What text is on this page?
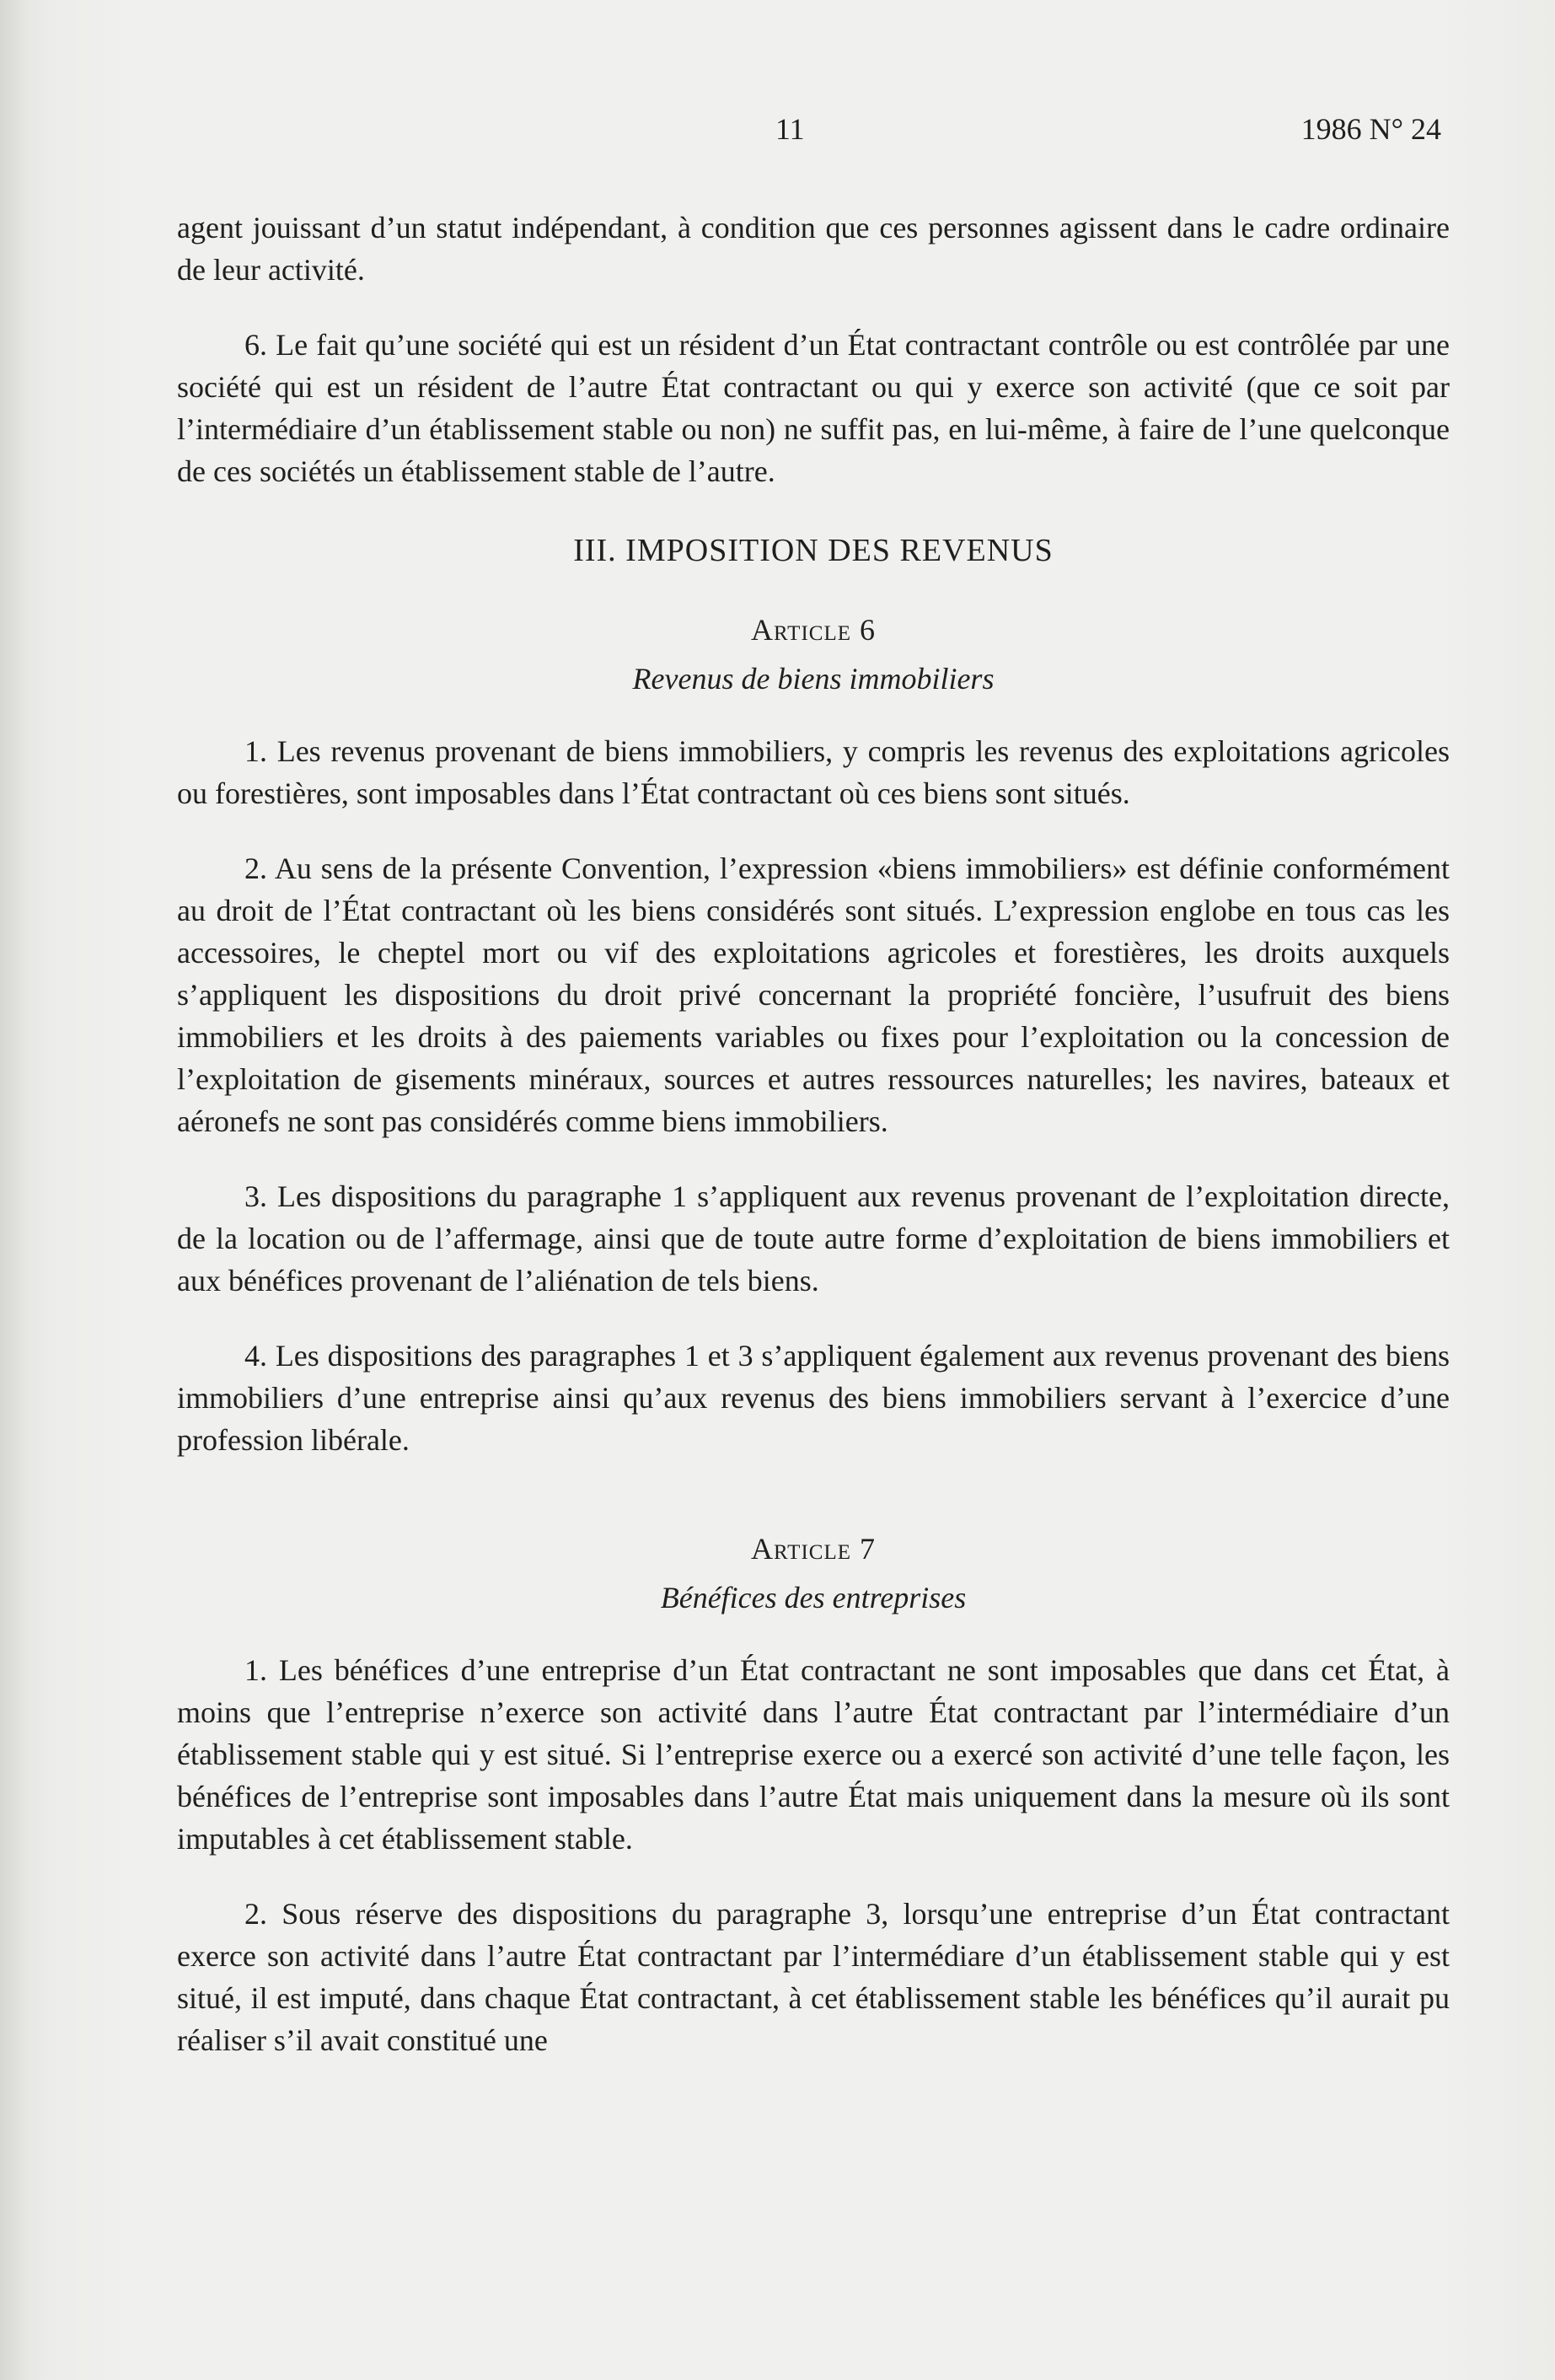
11	1986 N° 24

agent jouissant d’un statut indépendant, à condition que ces personnes agissent dans le cadre ordinaire de leur activité.

6. Le fait qu’une société qui est un résident d’un État contractant contrôle ou est contrôlée par une société qui est un résident de l’autre État contractant ou qui y exerce son activité (que ce soit par l’intermédiaire d’un établissement stable ou non) ne suffit pas, en lui-même, à faire de l’une quelconque de ces sociétés un établissement stable de l’autre.

III. IMPOSITION DES REVENUS
Article 6
Revenus de biens immobiliers

1. Les revenus provenant de biens immobiliers, y compris les revenus des exploitations agricoles ou forestières, sont imposables dans l’État contractant où ces biens sont situés.

2. Au sens de la présente Convention, l’expression «biens immobiliers» est définie conformément au droit de l’État contractant où les biens considérés sont situés. L’expression englobe en tous cas les accessoires, le cheptel mort ou vif des exploitations agricoles et forestières, les droits auxquels s’appliquent les dispositions du droit privé concernant la propriété foncière, l’usufruit des biens immobiliers et les droits à des paiements variables ou fixes pour l’exploitation ou la concession de l’exploitation de gisements minéraux, sources et autres ressources naturelles; les navires, bateaux et aéronefs ne sont pas considérés comme biens immobiliers.

3. Les dispositions du paragraphe 1 s’appliquent aux revenus provenant de l’exploitation directe, de la location ou de l’affermage, ainsi que de toute autre forme d’exploitation de biens immobiliers et aux bénéfices provenant de l’aliénation de tels biens.

4. Les dispositions des paragraphes 1 et 3 s’appliquent également aux revenus provenant des biens immobiliers d’une entreprise ainsi qu’aux revenus des biens immobiliers servant à l’exercice d’une profession libérale.

Article 7
Bénéfices des entreprises

1. Les bénéfices d’une entreprise d’un État contractant ne sont imposables que dans cet État, à moins que l’entreprise n’exerce son activité dans l’autre État contractant par l’intermédiaire d’un établissement stable qui y est situé. Si l’entreprise exerce ou a exercé son activité d’une telle façon, les bénéfices de l’entreprise sont imposables dans l’autre État mais uniquement dans la mesure où ils sont imputables à cet établissement stable.

2. Sous réserve des dispositions du paragraphe 3, lorsqu’une entreprise d’un État contractant exerce son activité dans l’autre État contractant par l’intermédiare d’un établissement stable qui y est situé, il est imputé, dans chaque État contractant, à cet établissement stable les bénéfices qu’il aurait pu réaliser s’il avait constitué une
